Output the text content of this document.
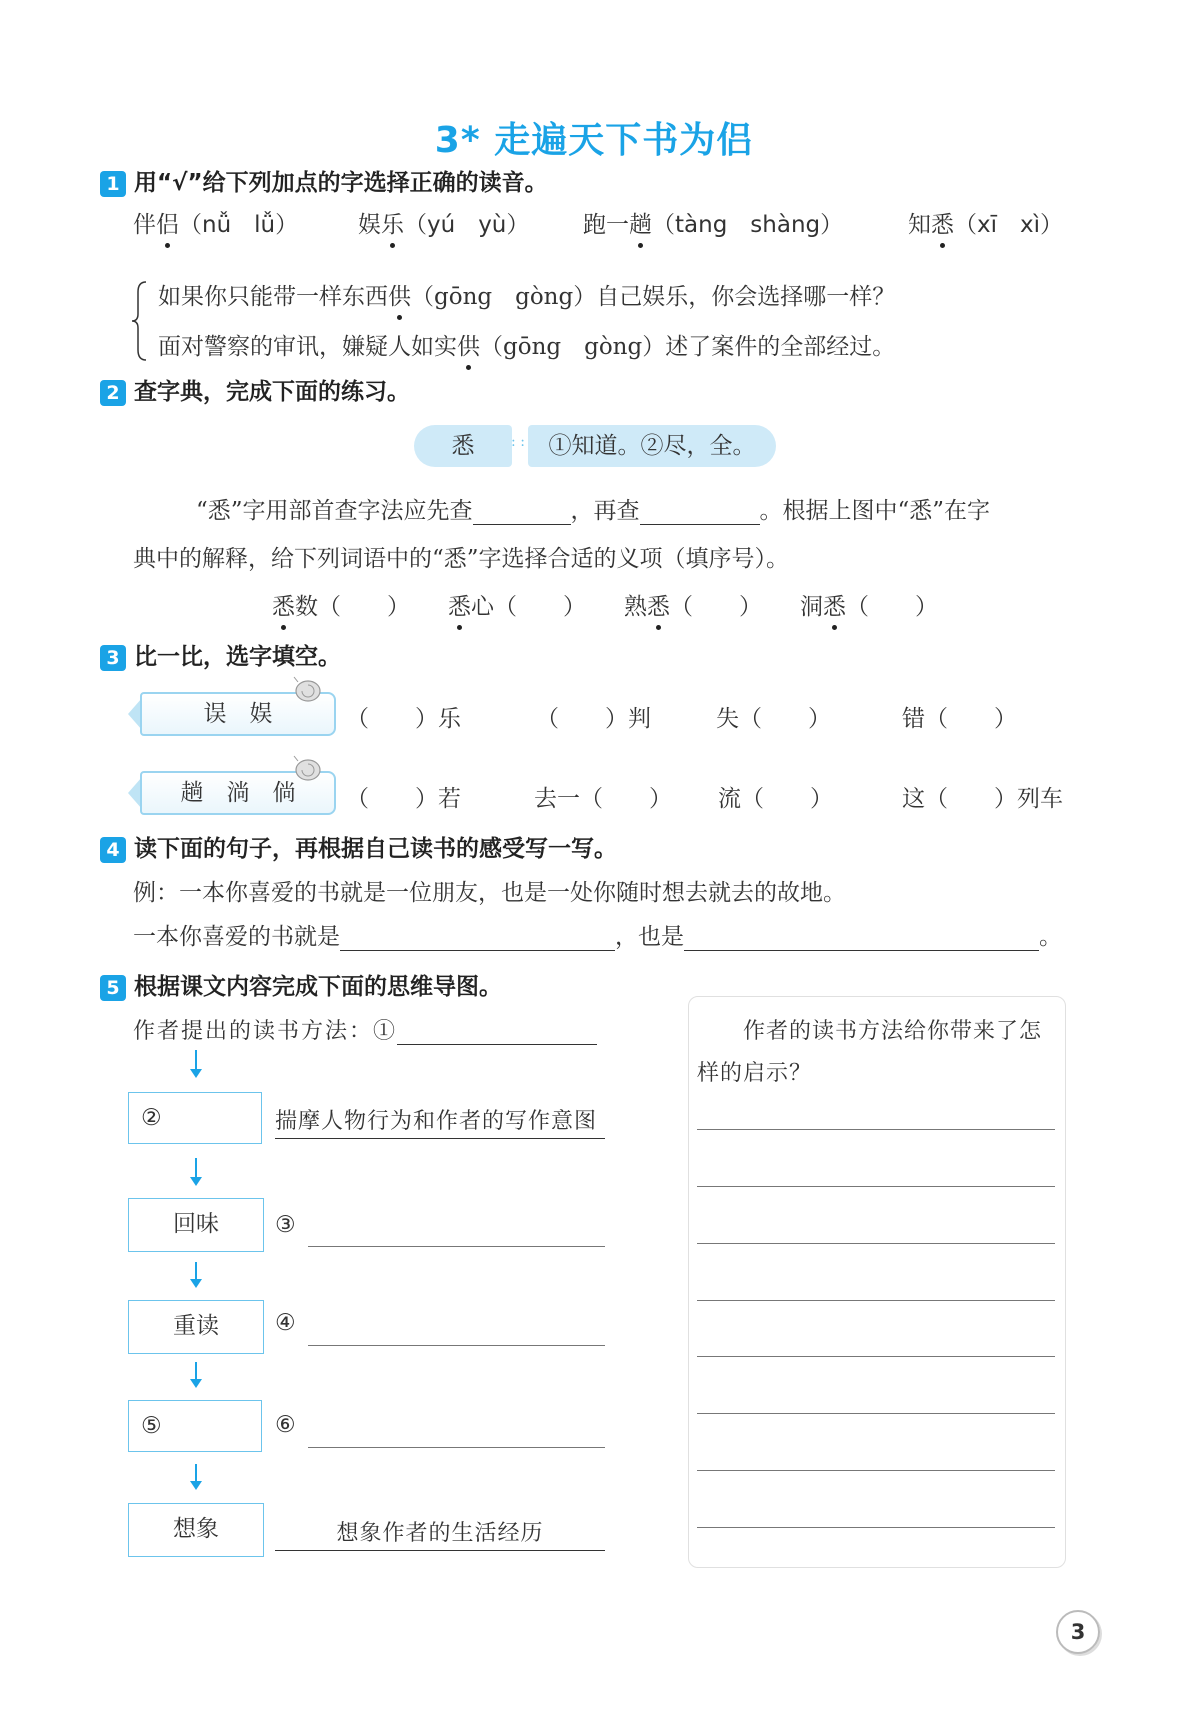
3* 走遍天下书为侣
1 用“√”给下列加点的字选择正确的读音。
伴侣（nǚ　lǚ）	娱乐（yú　yù） 跑一趟（tàng　shàng）	知悉（xī　xì）
如果你只能带一样东西供（gōng　gòng）自己娱乐，你会选择哪一样？
面对警察的审讯，嫌疑人如实供（gōng　gòng）述了案件的全部经过。
2 查字典，完成下面的练习。
悉	: :	①知道。②尽，全。
“悉”字用部首查字法应先查	，再查	。根据上图中“悉”在字
典中的解释，给下列词语中的“悉”字选择合适的义项（填序号）。
悉数（　　） 悉心（　　） 熟悉（　　） 洞悉（　　）
3 比一比，选字填空。
误　娱	（　　）乐	（　　）判	失（　　）	错（　　）
趟　淌　倘	（　　）若	去一（　　） 流（　　）	这（　　）列车
4 读下面的句子，再根据自己读书的感受写一写。
例：一本你喜爱的书就是一位朋友，也是一处你随时想去就去的故地。
一本你喜爱的书就是	，也是	。
5 根据课文内容完成下面的思维导图。
作者提出的读书方法：①
②
回味
重读
⑤
想象
揣摩人物行为和作者的写作意图
③
④
⑥
想象作者的生活经历
作者的读书方法给你带来了怎样的启示？
3
